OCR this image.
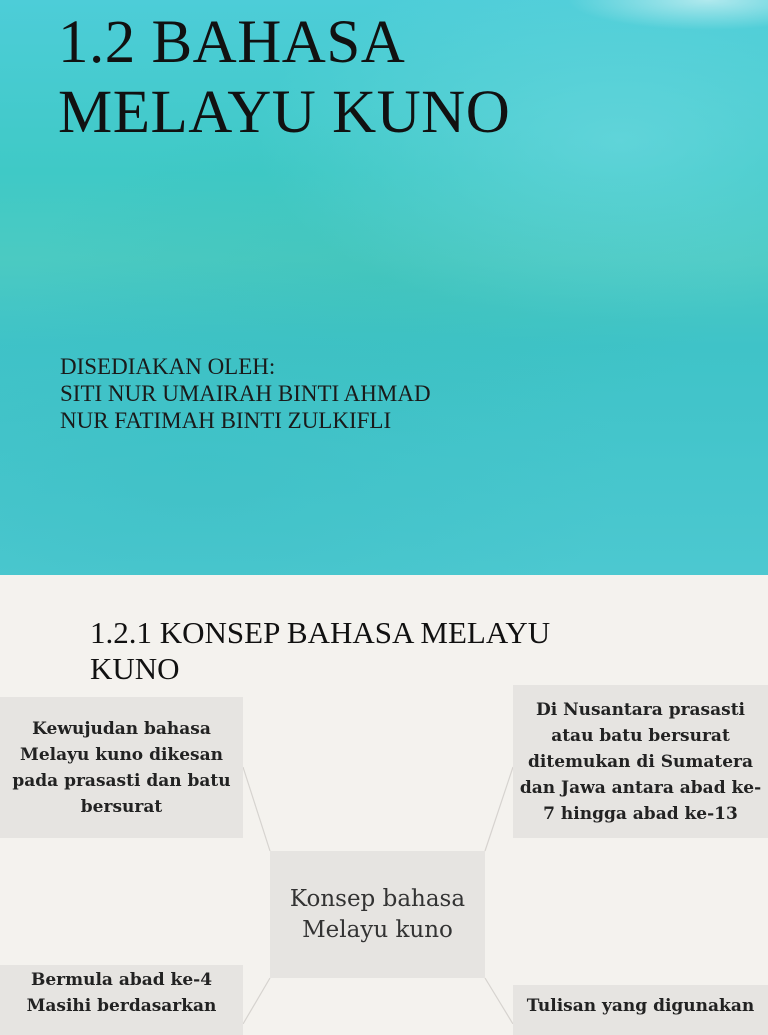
1.2 BAHASA
MELAYU KUNO
DISEDIAKAN OLEH:
SITI NUR UMAIRAH BINTI AHMAD
NUR FATIMAH BINTI ZULKIFLI
1.2.1 KONSEP BAHASA MELAYU
KUNO
Kewujudan bahasa Melayu kuno dikesan pada prasasti dan batu bersurat
Di Nusantara prasasti atau batu bersurat ditemukan di Sumatera dan Jawa antara abad ke-7 hingga abad ke-13
Konsep bahasa Melayu kuno
Bermula abad ke-4 Masihi berdasarkan	Tulisan yang digunakan
